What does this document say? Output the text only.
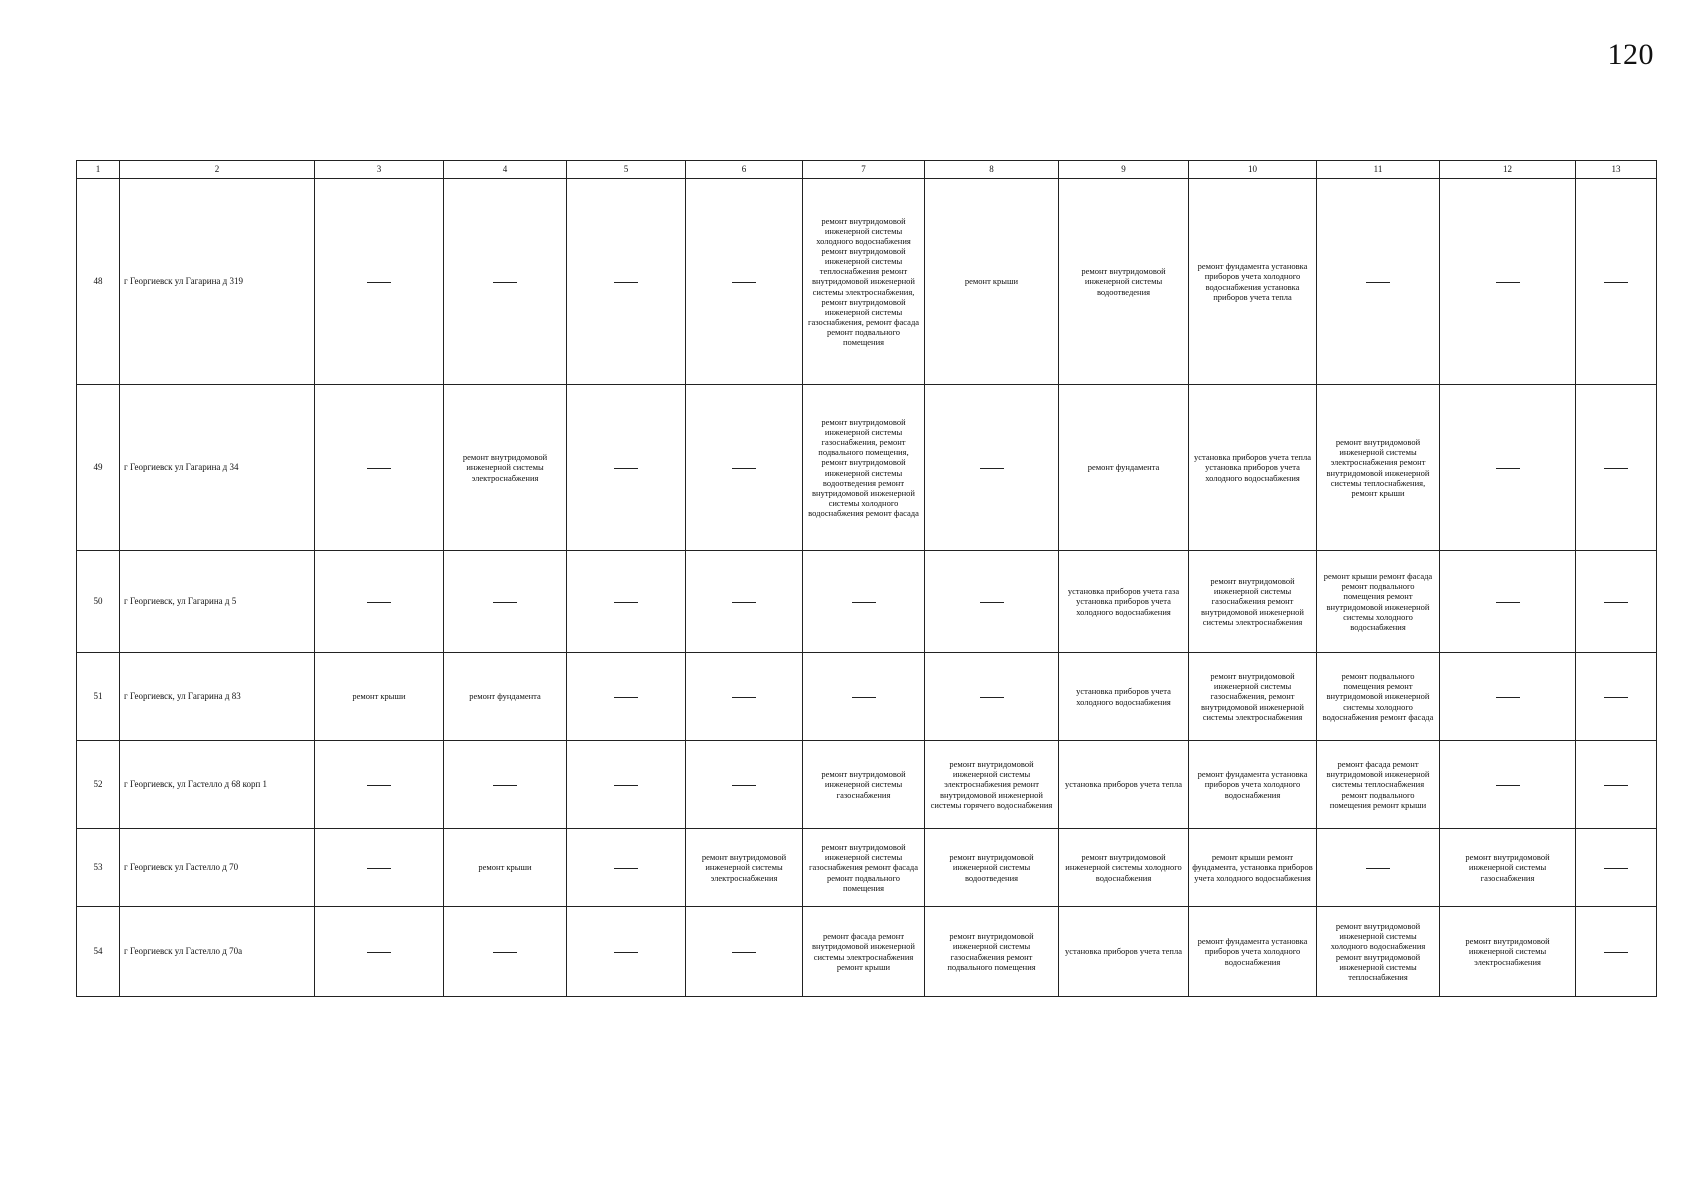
120
1	2	3	4	5	6	7	8	9	10	11	12	13
48	г Георгиевск ул Гагарина д 319					ремонт внутридомовой инженерной системы холодного водоснабжения ремонт внутридомовой инженерной системы теплоснабжения ремонт внутридомовой инженерной системы электроснабжения, ремонт внутридомовой инженерной системы газоснабжения, ремонт фасада ремонт подвального помещения	ремонт крыши	ремонт внутридомовой инженерной системы водоотведения	ремонт фундамента установка приборов учета холодного водоснабжения установка приборов учета тепла			
49	г Георгиевск ул Гагарина д 34		ремонт внутридомовой инженерной системы электроснабжения			ремонт внутридомовой инженерной системы газоснабжения, ремонт подвального помещения, ремонт внутридомовой инженерной системы водоотведения ремонт внутридомовой инженерной системы холодного водоснабжения ремонт фасада		ремонт фундамента	установка приборов учета тепла установка приборов учета холодного водоснабжения	ремонт внутридомовой инженерной системы электроснабжения ремонт внутридомовой инженерной системы теплоснабжения, ремонт крыши		
50	г Георгиевск, ул Гагарина д 5							установка приборов учета газа установка приборов учета холодного водоснабжения	ремонт внутридомовой инженерной системы газоснабжения ремонт внутридомовой инженерной системы электроснабжения	ремонт крыши ремонт фасада ремонт подвального помещения ремонт внутридомовой инженерной системы холодного водоснабжения		
51	г Георгиевск, ул Гагарина д 83	ремонт крыши	ремонт фундамента					установка приборов учета холодного водоснабжения	ремонт внутридомовой инженерной системы газоснабжения, ремонт внутридомовой инженерной системы электроснабжения	ремонт подвального помещения ремонт внутридомовой инженерной системы холодного водоснабжения ремонт фасада		
52	г Георгиевск, ул Гастелло д 68 корп 1					ремонт внутридомовой инженерной системы газоснабжения	ремонт внутридомовой инженерной системы электроснабжения ремонт внутридомовой инженерной системы горячего водоснабжения	установка приборов учета тепла	ремонт фундамента установка приборов учета холодного водоснабжения	ремонт фасада ремонт внутридомовой инженерной системы теплоснабжения ремонт подвального помещения ремонт крыши		
53	г Георгиевск ул Гастелло д 70		ремонт крыши		ремонт внутридомовой инженерной системы электроснабжения	ремонт внутридомовой инженерной системы газоснабжения ремонт фасада ремонт подвального помещения	ремонт внутридомовой инженерной системы водоотведения	ремонт внутридомовой инженерной системы холодного водоснабжения	ремонт крыши ремонт фундамента, установка приборов учета холодного водоснабжения		ремонт внутридомовой инженерной системы газоснабжения	
54	г Георгиевск ул Гастелло д 70а					ремонт фасада ремонт внутридомовой инженерной системы электроснабжения ремонт крыши	ремонт внутридомовой инженерной системы газоснабжения ремонт подвального помещения	установка приборов учета тепла	ремонт фундамента установка приборов учета холодного водоснабжения	ремонт внутридомовой инженерной системы холодного водоснабжения ремонт внутридомовой инженерной системы теплоснабжения	ремонт внутридомовой инженерной системы электроснабжения	
